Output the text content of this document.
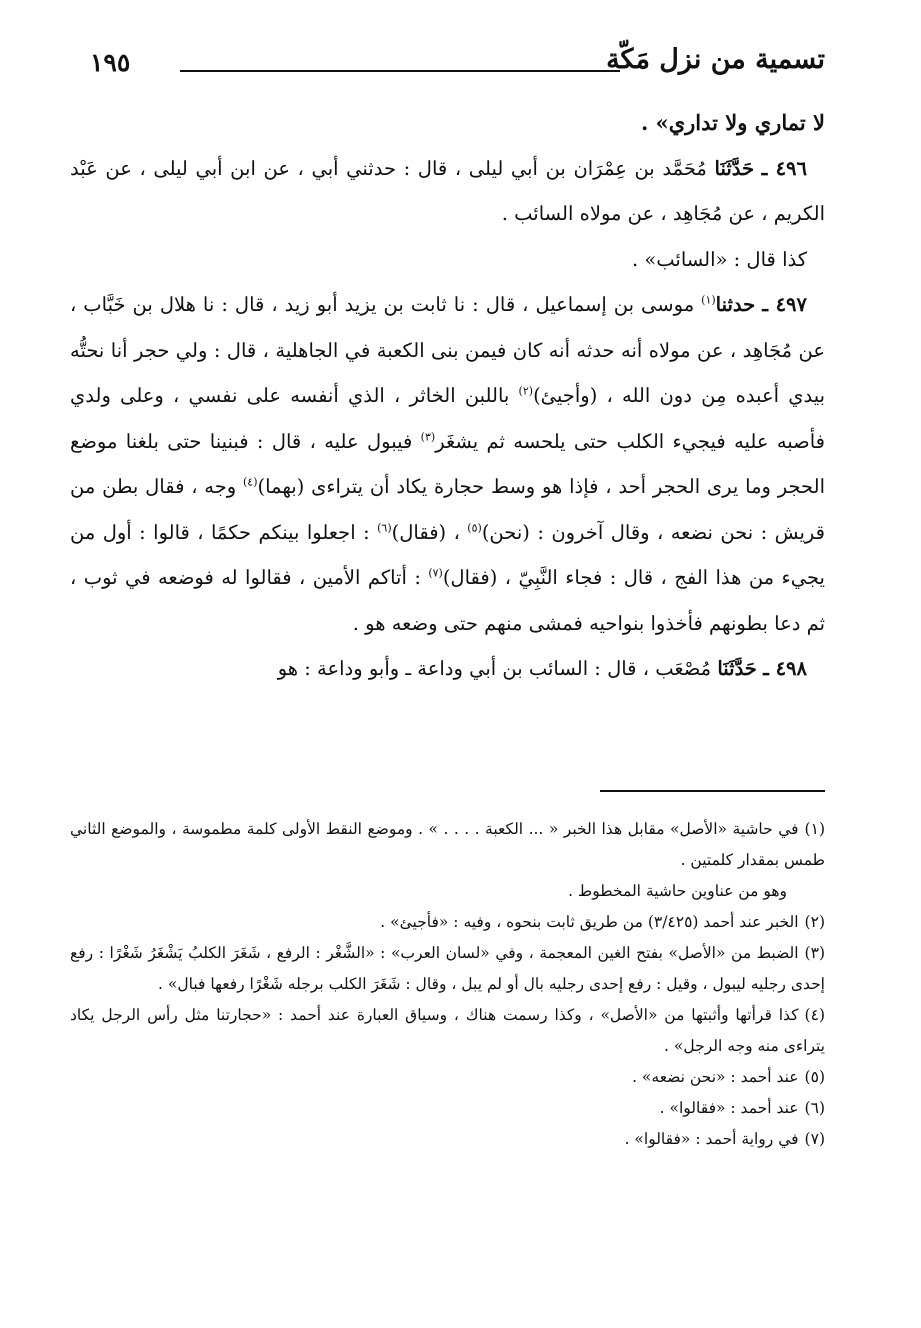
١٩٥	تسمية من نزل مَكّة

لا تماري ولا تداري» .

٤٩٦ ـ حَدَّثَنَا مُحَمَّد بن عِمْرَان بن أبي ليلى ، قال : حدثني أبي ، عن ابن أبي ليلى ، عن عَبْد الكريم ، عن مُجَاهِد ، عن مولاه السائب .

كذا قال : «السائب» .

٤٩٧ ـ حدثنا$^{(١)}$ موسى بن إسماعيل ، قال : نا ثابت بن يزيد أبو زيد ، قال : نا هلال بن خَبَّاب ، عن مُجَاهِد ، عن مولاه أنه حدثه أنه كان فيمن بنى الكعبة في الجاهلية ، قال : ولي حجر أنا نحتُّه بيدي أعبده مِن دون الله ، (وأجيئ)$^{(٢)}$ باللبن الخاثر ، الذي أنفسه على نفسي ، وعلى ولدي فأصبه عليه فيجيء الكلب حتى يلحسه ثم يشغَر$^{(٣)}$ فيبول عليه ، قال : فبنينا حتى بلغنا موضع الحجر وما يرى الحجر أحد ، فإذا هو وسط حجارة يكاد أن يتراءى (بهما)$^{(٤)}$ وجه ، فقال بطن من قريش : نحن نضعه ، وقال آخرون : (نحن)$^{(٥)}$ ، (فقال)$^{(٦)}$ : اجعلوا بينكم حكمًا ، قالوا : أول من يجيء من هذا الفج ، قال : فجاء النَّبِيّ ، (فقال)$^{(٧)}$ : أتاكم الأمين ، فقالوا له فوضعه في ثوب ، ثم دعا بطونهم فأخذوا بنواحيه فمشى منهم حتى وضعه هو .

٤٩٨ ـ حَدَّثَنَا مُصْعَب ، قال : السائب بن أبي وداعة ـ وأبو وداعة : هو

(١)في حاشية «الأصل» مقابل هذا الخبر « ... الكعبة . . . . » . وموضع النقط الأولى كلمة مطموسة ، والموضع الثاني طمس بمقدار كلمتين .

وهو من عناوين حاشية المخطوط .

(٢)الخبر عند أحمد (٣/٤٢٥) من طريق ثابت بنحوه ، وفيه : «فأجيئ» .

(٣)الضبط من «الأصل» بفتح الغين المعجمة ، وفي «لسان العرب» : «الشَّغْر : الرفع ، شَغَرَ الكلبُ يَشْغَرُ شَغْرًا : رفع إحدى رجليه ليبول ، وقيل : رفع إحدى رجليه بال أو لم يبل ، وقال : شَغَرَ الكلب برجله شَغْرًا رفعها فبال» .

(٤)كذا قرأتها وأثبتها من «الأصل» ، وكذا رسمت هناك ، وسياق العبارة عند أحمد : «حجارتنا مثل رأس الرجل يكاد يتراءى منه وجه الرجل» .

(٥)عند أحمد : «نحن نضعه» .

(٦)عند أحمد : «فقالوا» .

(٧)في رواية أحمد : «فقالوا» .
